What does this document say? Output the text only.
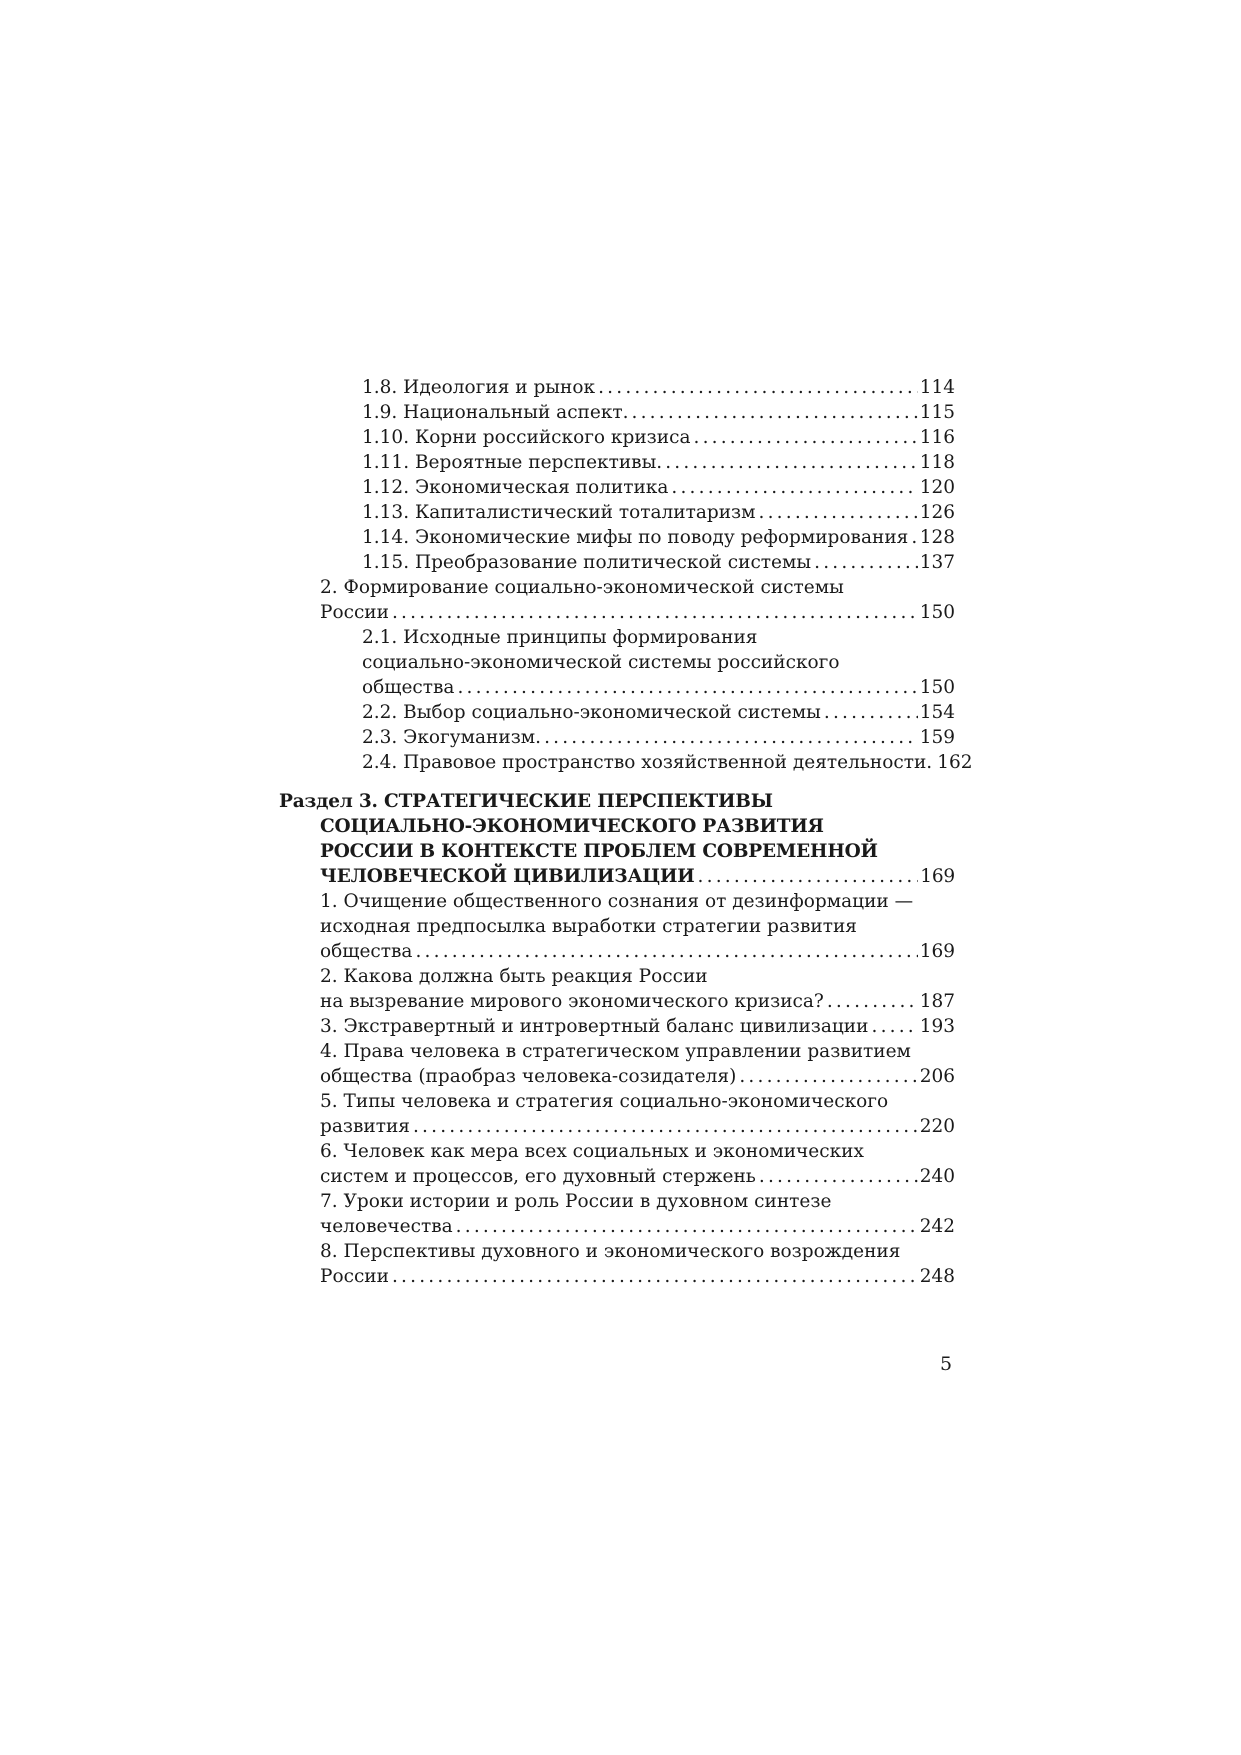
1.8. Идеология и рынок .....	114
1.9. Национальный аспект. .....	115
1.10. Корни российского кризиса .....	116
1.11. Вероятные перспективы. .....	118
1.12. Экономическая политика .....	120
1.13. Капиталистический тоталитаризм .....	126
1.14. Экономические мифы по поводу реформирования ..... 128
1.15. Преобразование политической системы .....	137
2. Формирование социально-экономической системы
России .....	150
2.1. Исходные принципы формирования
социально-экономической системы российского
общества .....	150
2.2. Выбор социально-экономической системы .....	154
2.3. Экогуманизм. .....	159
2.4. Правовое пространство хозяйственной деятельности. 162
Раздел 3. СТРАТЕГИЧЕСКИЕ ПЕРСПЕКТИВЫ
СОЦИАЛЬНО-ЭКОНОМИЧЕСКОГО РАЗВИТИЯ
РОССИИ В КОНТЕКСТЕ ПРОБЛЕМ СОВРЕМЕННОЙ
ЧЕЛОВЕЧЕСКОЙ ЦИВИЛИЗАЦИИ .....	169
1. Очищение общественного сознания от дезинформации —
исходная предпосылка выработки стратегии развития
общества .....	169
2. Какова должна быть реакция России
на вызревание мирового экономического кризиса? .....	187
3. Экстравертный и интровертный баланс цивилизации .....	193
4. Права человека в стратегическом управлении развитием
общества (праобраз человека-созидателя) .....	206
5. Типы человека и стратегия социально-экономического
развития .....	220
6. Человек как мера всех социальных и экономических
систем и процессов, его духовный стержень .....	240
7. Уроки истории и роль России в духовном синтезе
человечества .....	242
8. Перспективы духовного и экономического возрождения
России .....	248
5
